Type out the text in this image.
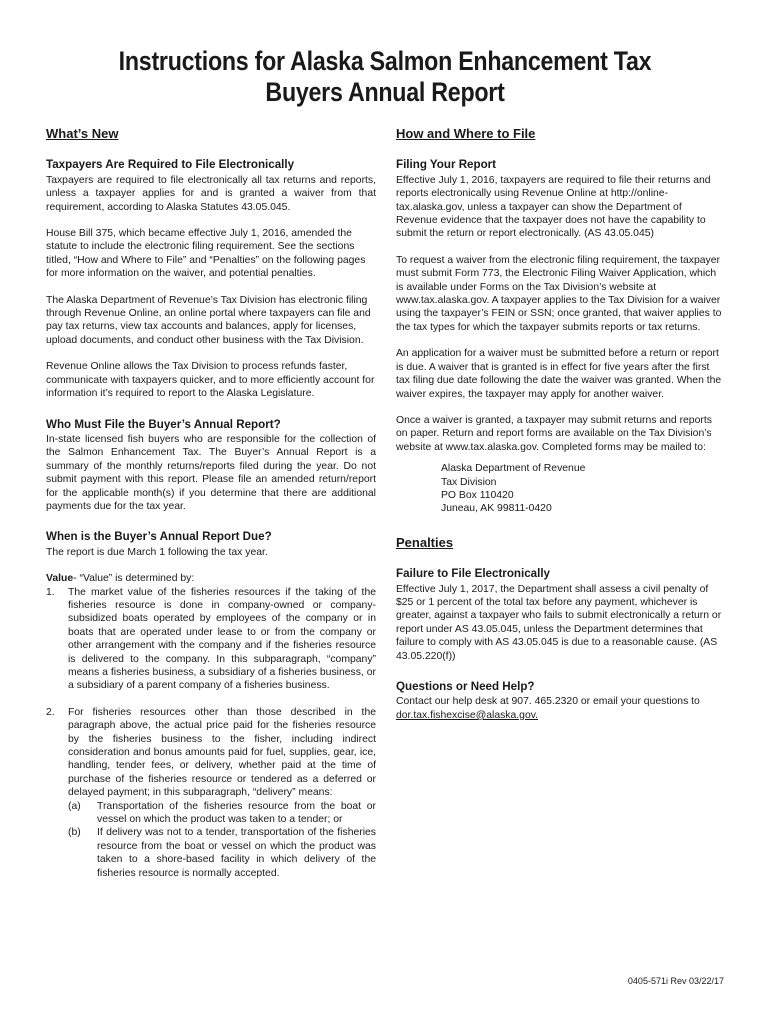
Instructions for Alaska Salmon Enhancement Tax
Buyers Annual Report
What’s New
Taxpayers Are Required to File Electronically

Taxpayers are required to file electronically all tax returns and reports, unless a taxpayer applies for and is granted a waiver from that requirement, according to Alaska Statutes 43.05.045.

House Bill 375, which became effective July 1, 2016, amended the statute to include the electronic filing requirement. See the sections titled, “How and Where to File” and “Penalties” on the following pages for more information on the waiver, and potential penalties.

The Alaska Department of Revenue’s Tax Division has electronic filing through Revenue Online, an online portal where taxpayers can file and pay tax returns, view tax accounts and balances, apply for licenses, upload documents, and conduct other business with the Tax Division.

Revenue Online allows the Tax Division to process refunds faster, communicate with taxpayers quicker, and to more efficiently account for information it’s required to report to the Alaska Legislature.

Who Must File the Buyer’s Annual Report?

In-state licensed fish buyers who are responsible for the collection of the Salmon Enhancement Tax. The Buyer’s Annual Report is a summary of the monthly returns/reports filed during the year. Do not submit payment with this report. Please file an amended return/report for the applicable month(s) if you determine that there are additional payments due for the tax year.

When is the Buyer’s Annual Report Due?

The report is due March 1 following the tax year.

Value- “Value” is determined by:
1. The market value of the fisheries resources if the taking of the fisheries resource is done in company-owned or company-subsidized boats operated by employees of the company or in boats that are operated under lease to or from the company or other arrangement with the company and if the fisheries resource is delivered to the company. In this subparagraph, “company” means a fisheries business, a subsidiary of a fisheries business, or a subsidiary of a parent company of a fisheries business.
2. For fisheries resources other than those described in the paragraph above, the actual price paid for the fisheries resource by the fisheries business to the fisher, including indirect consideration and bonus amounts paid for fuel, supplies, gear, ice, handling, tender fees, or delivery, whether paid at the time of purchase of the fisheries resource or tendered as a deferred or delayed payment; in this subparagraph, “delivery” means:
(a) Transportation of the fisheries resource from the boat or vessel on which the product was taken to a tender; or
(b) If delivery was not to a tender, transportation of the fisheries resource from the boat or vessel on which the product was taken to a shore-based facility in which delivery of the fisheries resource is normally accepted.
How and Where to File
Filing Your Report

Effective July 1, 2016, taxpayers are required to file their returns and reports electronically using Revenue Online at http://online-tax.alaska.gov, unless a taxpayer can show the Department of Revenue evidence that the taxpayer does not have the capability to submit the return or report electronically. (AS 43.05.045)

To request a waiver from the electronic filing requirement, the taxpayer must submit Form 773, the Electronic Filing Waiver Application, which is available under Forms on the Tax Division’s website at www.tax.alaska.gov. A taxpayer applies to the Tax Division for a waiver using the taxpayer’s FEIN or SSN; once granted, that waiver applies to the tax types for which the taxpayer submits reports or tax returns.

An application for a waiver must be submitted before a return or report is due. A waiver that is granted is in effect for five years after the first tax filing due date following the date the waiver was granted. When the waiver expires, the taxpayer may apply for another waiver.

Once a waiver is granted, a taxpayer may submit returns and reports on paper. Return and report forms are available on the Tax Division’s website at www.tax.alaska.gov. Completed forms may be mailed to:

Alaska Department of Revenue
Tax Division
PO Box 110420
Juneau, AK 99811-0420
Penalties
Failure to File Electronically

Effective July 1, 2017, the Department shall assess a civil penalty of $25 or 1 percent of the total tax before any payment, whichever is greater, against a taxpayer who fails to submit electronically a return or report under AS 43.05.045, unless the Department determines that failure to comply with AS 43.05.045 is due to a reasonable cause. (AS 43.05.220(f))

Questions or Need Help?
Contact our help desk at 907. 465.2320 or email your questions to
dor.tax.fishexcise@alaska.gov.
0405-571i Rev 03/22/17
